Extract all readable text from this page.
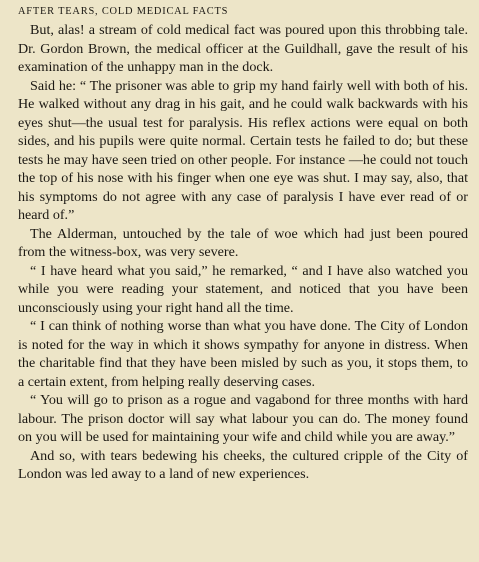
AFTER TEARS, COLD MEDICAL FACTS

But, alas! a stream of cold medical fact was poured upon this throbbing tale. Dr. Gordon Brown, the medical officer at the Guildhall, gave the result of his examination of the unhappy man in the dock.

Said he: “ The prisoner was able to grip my hand fairly well with both of his. He walked without any drag in his gait, and he could walk backwards with his eyes shut—the usual test for paralysis. His reflex actions were equal on both sides, and his pupils were quite normal. Certain tests he failed to do; but these tests he may have seen tried on other people. For instance —he could not touch the top of his nose with his finger when one eye was shut. I may say, also, that his symptoms do not agree with any case of paralysis I have ever read of or heard of.”

The Alderman, untouched by the tale of woe which had just been poured from the witness-box, was very severe.

“ I have heard what you said,” he remarked, “ and I have also watched you while you were reading your statement, and noticed that you have been unconsciously using your right hand all the time.

“ I can think of nothing worse than what you have done. The City of London is noted for the way in which it shows sympathy for anyone in distress. When the charitable find that they have been misled by such as you, it stops them, to a certain extent, from helping really deserving cases.

“ You will go to prison as a rogue and vagabond for three months with hard labour. The prison doctor will say what labour you can do. The money found on you will be used for maintaining your wife and child while you are away.”

And so, with tears bedewing his cheeks, the cultured cripple of the City of London was led away to a land of new experiences.
